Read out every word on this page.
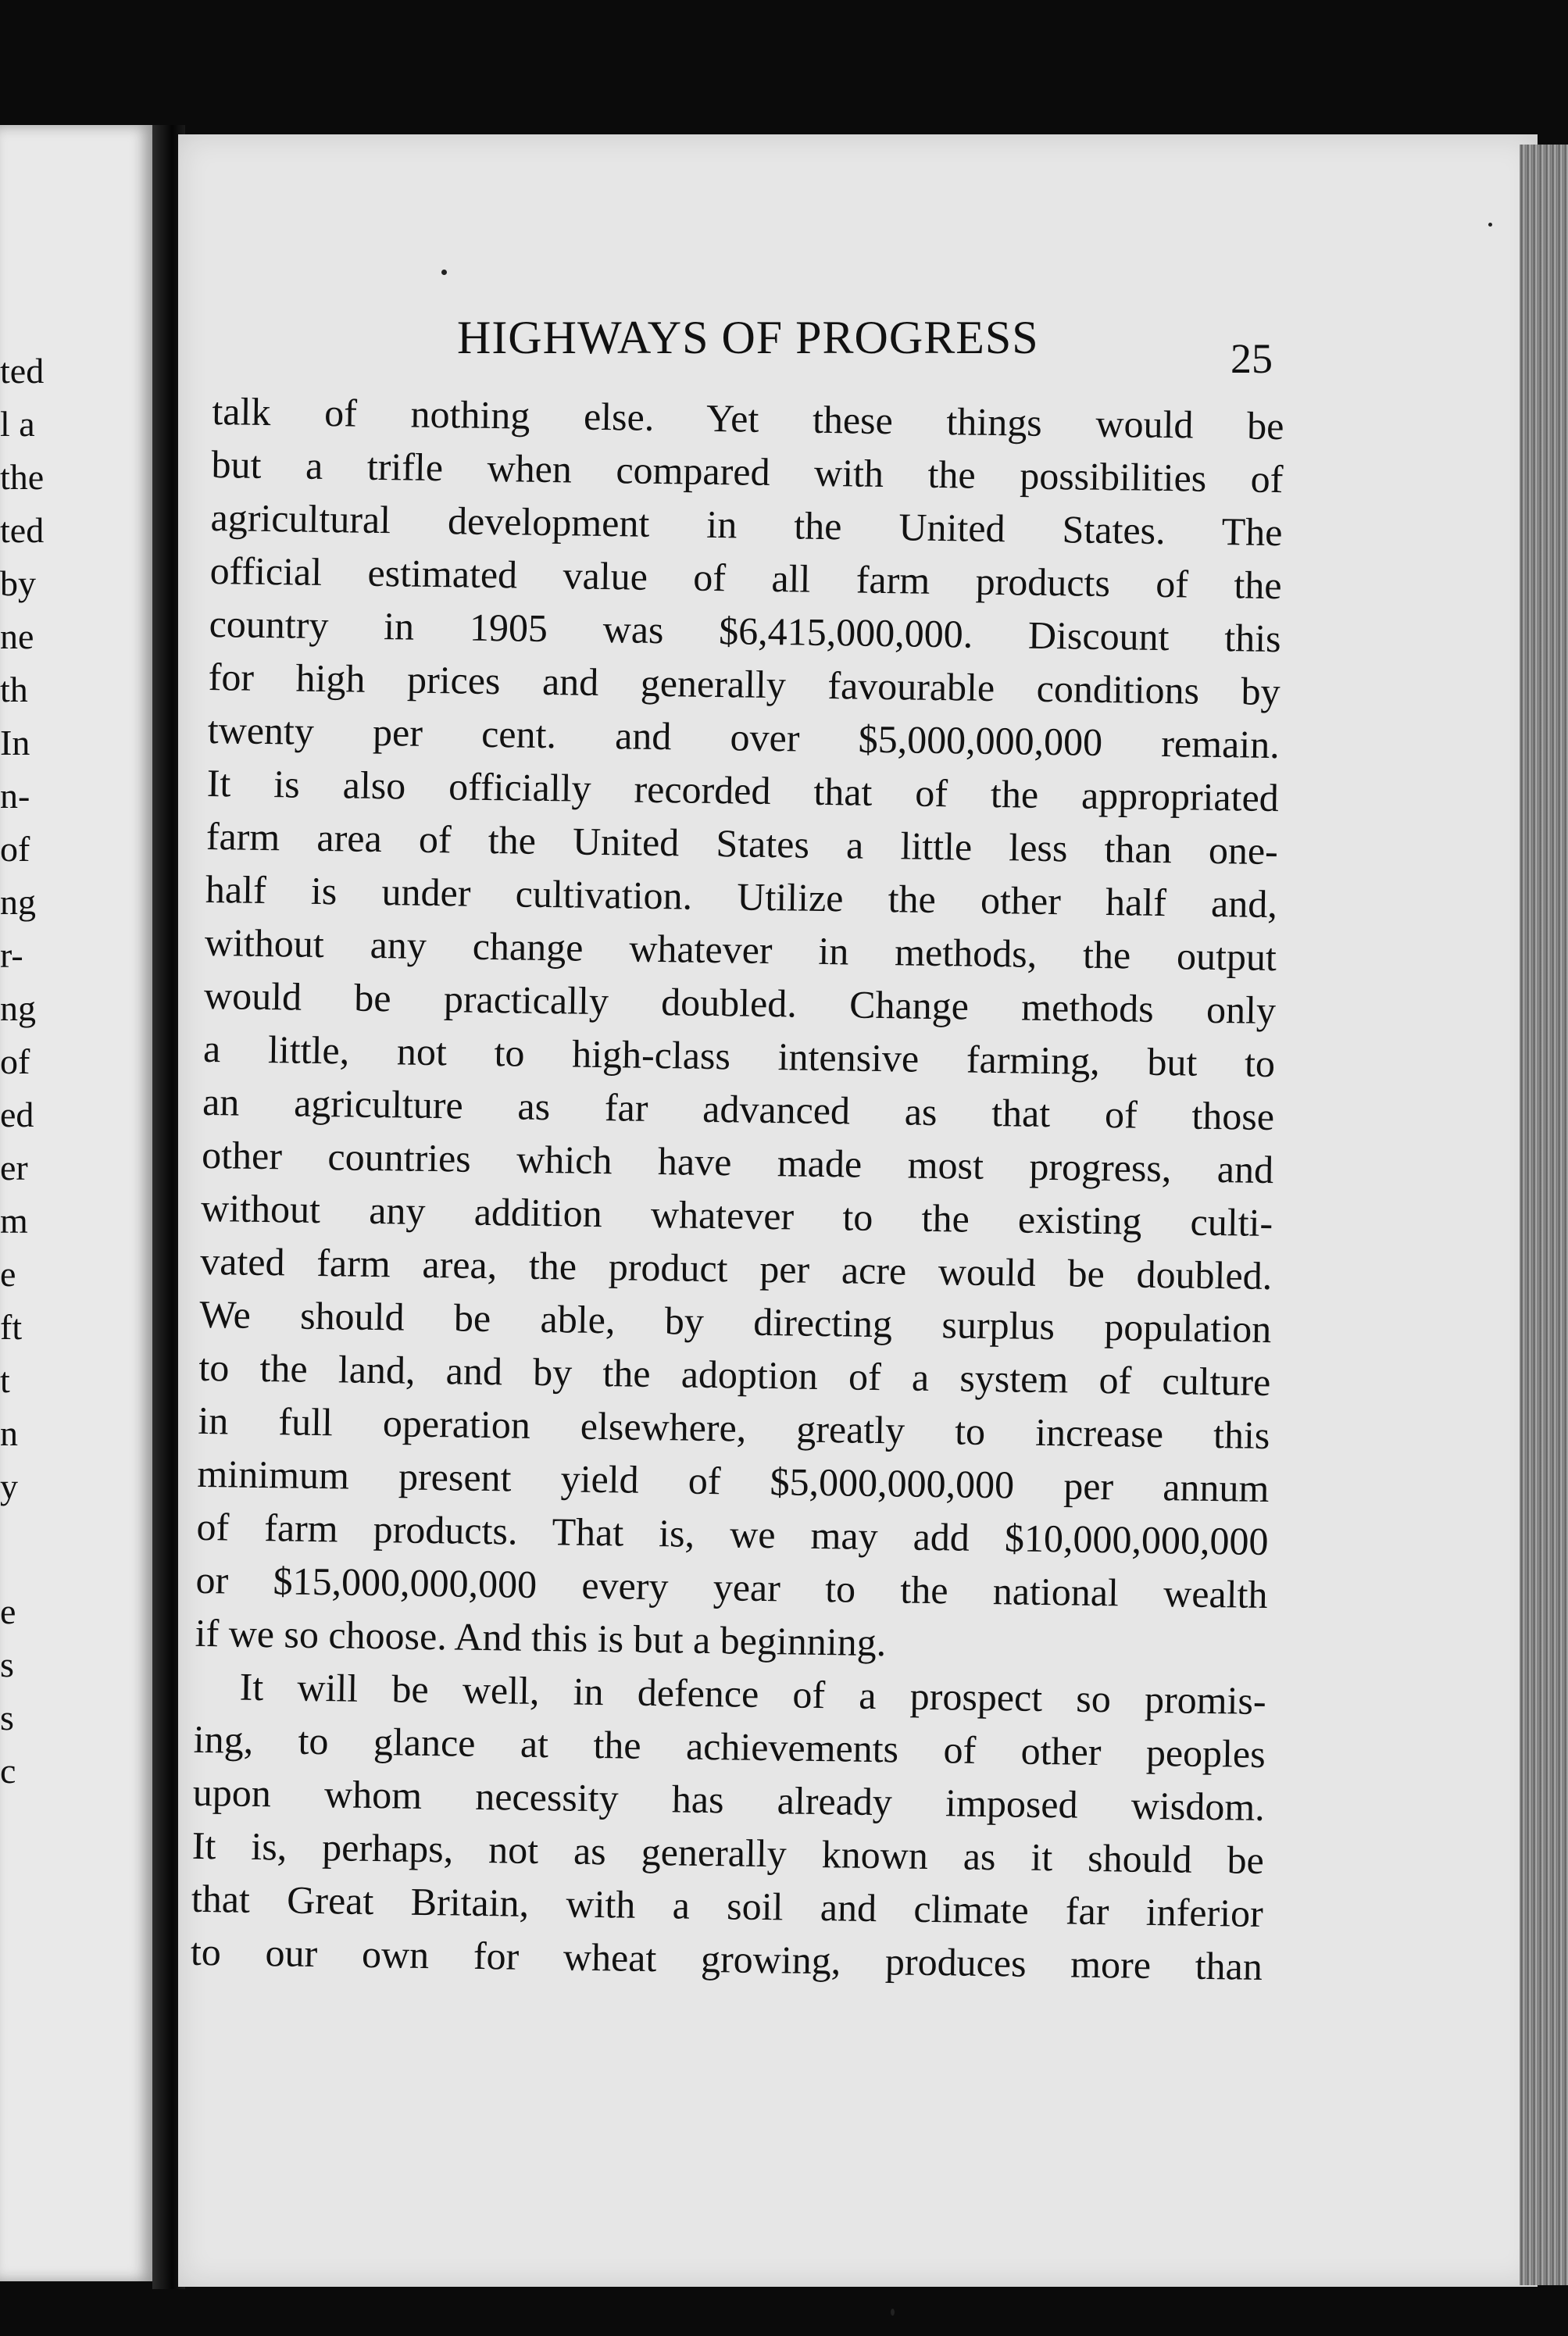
ted
l a
the
ted
by
ne
th
In
n-
of
ng
r-
ng
of
ed
er
m
e
ft
t
n
y
e
s
s
c
HIGHWAYS OF PROGRESS	25
talk of nothing else. Yet these things would be
but a trifle when compared with the possibilities of
agricultural development in the United States. The
official estimated value of all farm products of the
country in 1905 was $6,415,000,000. Discount this
for high prices and generally favourable conditions by
twenty per cent. and over $5,000,000,000 remain.
It is also officially recorded that of the appropriated
farm area of the United States a little less than one-
half is under cultivation. Utilize the other half and,
without any change whatever in methods, the output
would be practically doubled. Change methods only
a little, not to high-class intensive farming, but to
an agriculture as far advanced as that of those
other countries which have made most progress, and
without any addition whatever to the existing culti-
vated farm area, the product per acre would be doubled.
We should be able, by directing surplus population
to the land, and by the adoption of a system of culture
in full operation elsewhere, greatly to increase this
minimum present yield of $5,000,000,000 per annum
of farm products. That is, we may add $10,000,000,000
or $15,000,000,000 every year to the national wealth
if we so choose. And this is but a beginning.
It will be well, in defence of a prospect so promis-
ing, to glance at the achievements of other peoples
upon whom necessity has already imposed wisdom.
It is, perhaps, not as generally known as it should be
that Great Britain, with a soil and climate far inferior
to our own for wheat growing, produces more than
